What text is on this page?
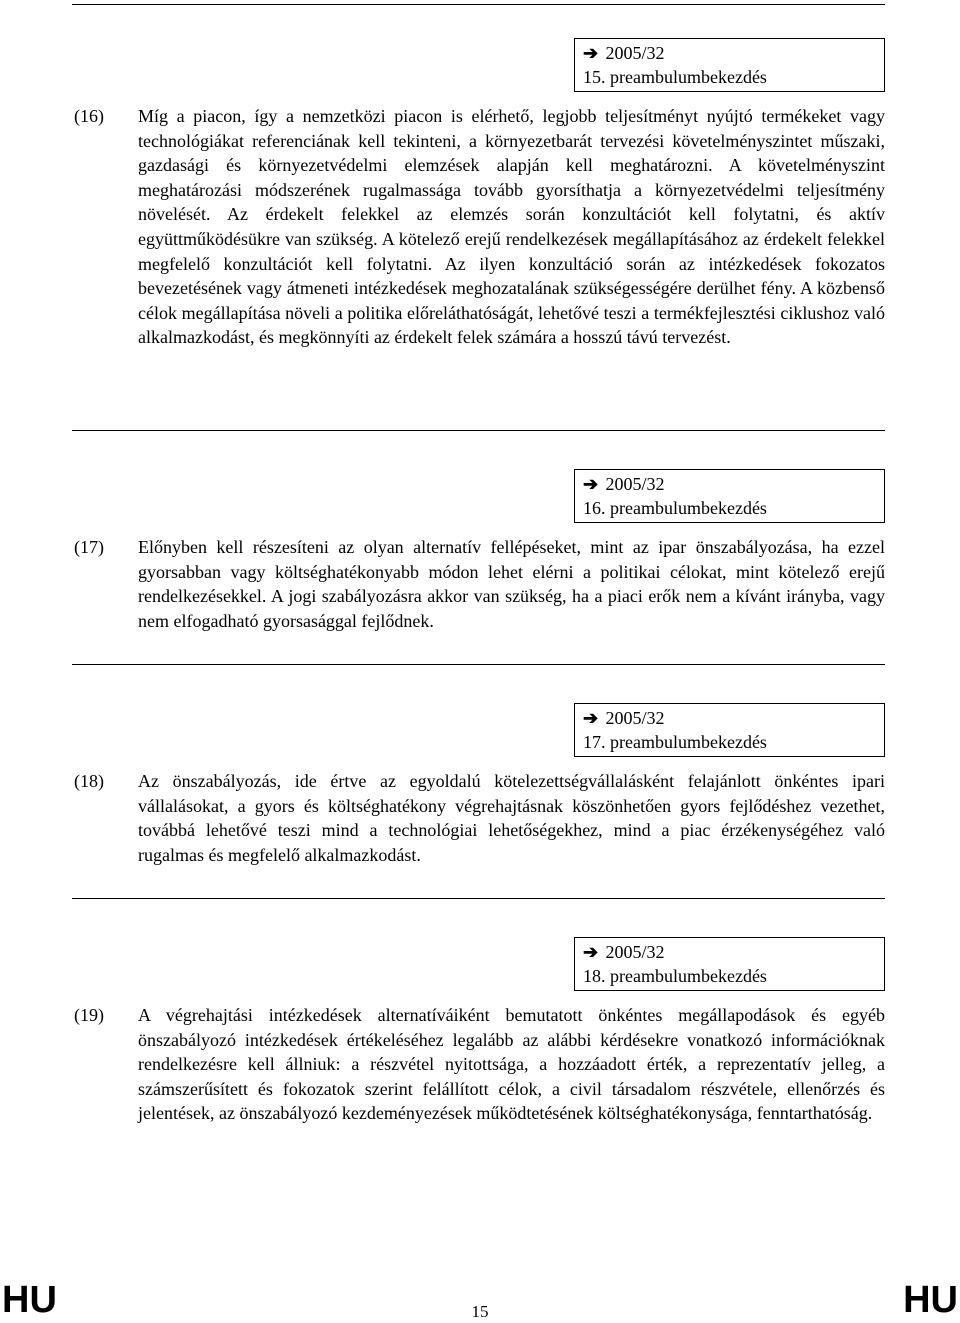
➔ 2005/32
15. preambulumbekezdés
(16) Míg a piacon, így a nemzetközi piacon is elérhető, legjobb teljesítményt nyújtó termékeket vagy technológiákat referenciának kell tekinteni, a környezetbarát tervezési követelményszintet műszaki, gazdasági és környezetvédelmi elemzések alapján kell meghatározni. A követelményszint meghatározási módszerének rugalmassága tovább gyorsíthatja a környezetvédelmi teljesítmény növelését. Az érdekelt felekkel az elemzés során konzultációt kell folytatni, és aktív együttműködésükre van szükség. A kötelező erejű rendelkezések megállapításához az érdekelt felekkel megfelelő konzultációt kell folytatni. Az ilyen konzultáció során az intézkedések fokozatos bevezetésének vagy átmeneti intézkedések meghozatalának szükségességére derülhet fény. A közbenső célok megállapítása növeli a politika előreláthatóságát, lehetővé teszi a termékfejlesztési ciklushoz való alkalmazkodást, és megkönnyíti az érdekelt felek számára a hosszú távú tervezést.

➔ 2005/32
16. preambulumbekezdés
(17) Előnyben kell részesíteni az olyan alternatív fellépéseket, mint az ipar önszabályozása, ha ezzel gyorsabban vagy költséghatékonyabb módon lehet elérni a politikai célokat, mint kötelező erejű rendelkezésekkel. A jogi szabályozásra akkor van szükség, ha a piaci erők nem a kívánt irányba, vagy nem elfogadható gyorsasággal fejlődnek.

➔ 2005/32
17. preambulumbekezdés
(18) Az önszabályozás, ide értve az egyoldalú kötelezettségvállalásként felajánlott önkéntes ipari vállalásokat, a gyors és költséghatékony végrehajtásnak köszönhetően gyors fejlődéshez vezethet, továbbá lehetővé teszi mind a technológiai lehetőségekhez, mind a piac érzékenységéhez való rugalmas és megfelelő alkalmazkodást.

➔ 2005/32
18. preambulumbekezdés
(19) A végrehajtási intézkedések alternatíváiként bemutatott önkéntes megállapodások és egyéb önszabályozó intézkedések értékeléséhez legalább az alábbi kérdésekre vonatkozó információknak rendelkezésre kell állniuk: a részvétel nyitottsága, a hozzáadott érték, a reprezentatív jelleg, a számszerűsített és fokozatok szerint felállított célok, a civil társadalom részvétele, ellenőrzés és jelentések, az önszabályozó kezdeményezések működtetésének költséghatékonysága, fenntarthatóság.

HU	15	HU
